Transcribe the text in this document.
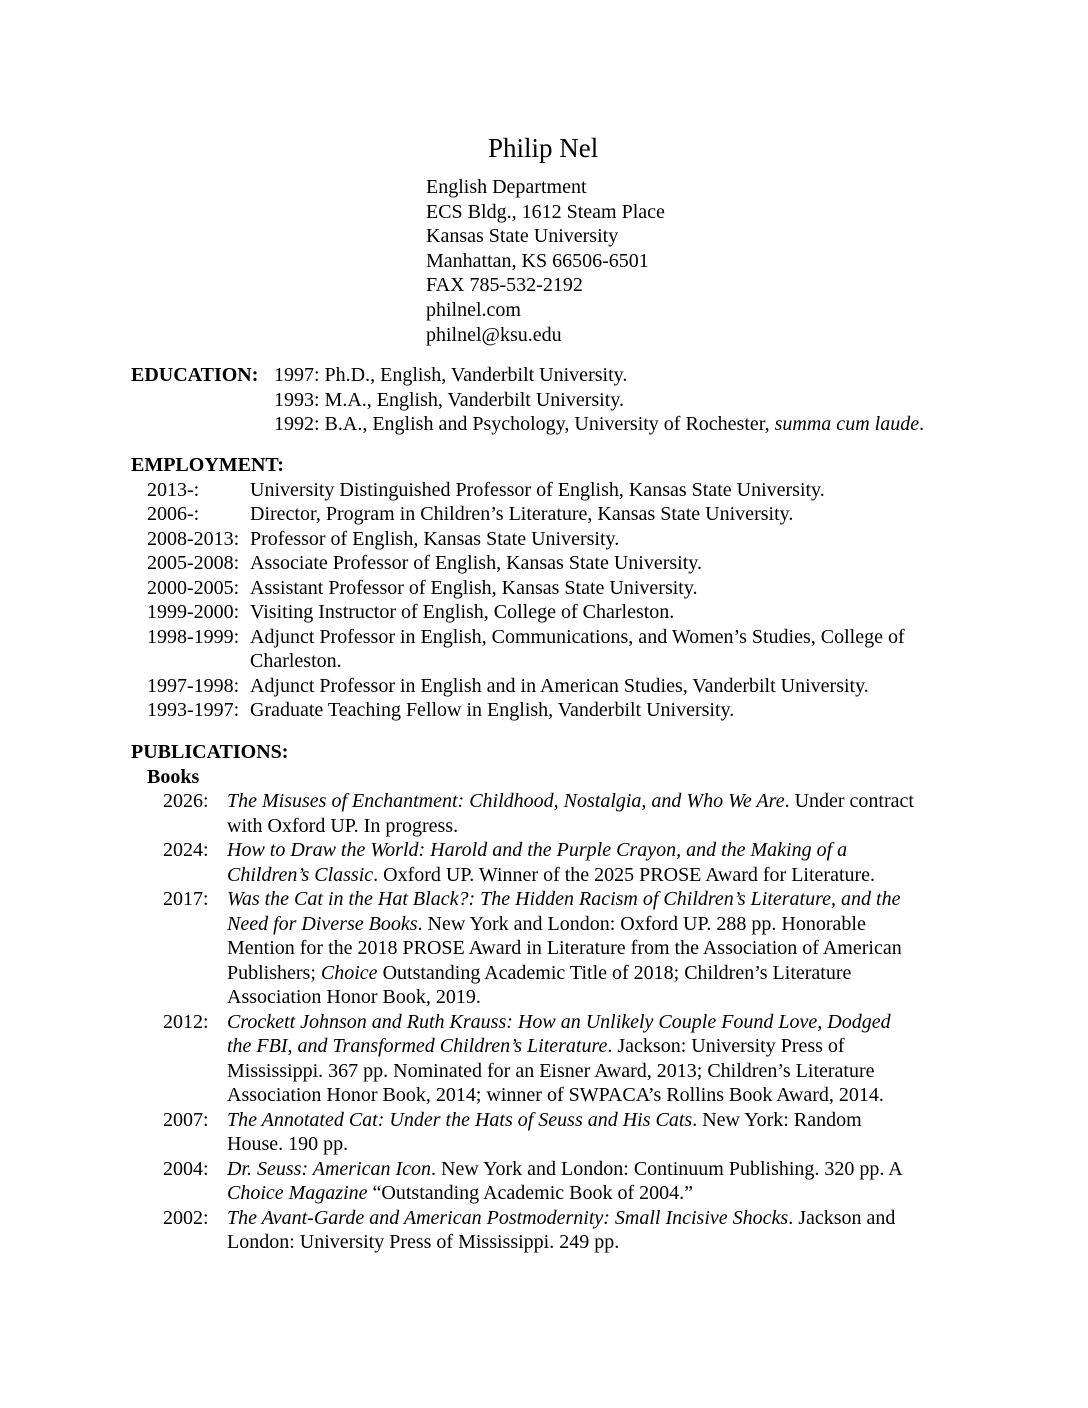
Philip Nel
English Department
ECS Bldg., 1612 Steam Place
Kansas State University
Manhattan, KS 66506-6501
FAX 785-532-2192
philnel.com
philnel@ksu.edu
EDUCATION: 1997: Ph.D., English, Vanderbilt University.
1993: M.A., English, Vanderbilt University.
1992: B.A., English and Psychology, University of Rochester, summa cum laude.
EMPLOYMENT:
2013-:	University Distinguished Professor of English, Kansas State University.
2006-:	Director, Program in Children’s Literature, Kansas State University.
2008-2013: Professor of English, Kansas State University.
2005-2008: Associate Professor of English, Kansas State University.
2000-2005: Assistant Professor of English, Kansas State University.
1999-2000: Visiting Instructor of English, College of Charleston.
1998-1999: Adjunct Professor in English, Communications, and Women’s Studies, College of
Charleston.
1997-1998: Adjunct Professor in English and in American Studies, Vanderbilt University.
1993-1997: Graduate Teaching Fellow in English, Vanderbilt University.
PUBLICATIONS:
Books
2026: The Misuses of Enchantment: Childhood, Nostalgia, and Who We Are. Under contract
with Oxford UP. In progress.
2024: How to Draw the World: Harold and the Purple Crayon, and the Making of a
Children’s Classic. Oxford UP. Winner of the 2025 PROSE Award for Literature.
2017: Was the Cat in the Hat Black?: The Hidden Racism of Children’s Literature, and the
Need for Diverse Books. New York and London: Oxford UP. 288 pp. Honorable
Mention for the 2018 PROSE Award in Literature from the Association of American
Publishers; Choice Outstanding Academic Title of 2018; Children’s Literature
Association Honor Book, 2019.
2012: Crockett Johnson and Ruth Krauss: How an Unlikely Couple Found Love, Dodged
the FBI, and Transformed Children’s Literature. Jackson: University Press of
Mississippi. 367 pp. Nominated for an Eisner Award, 2013; Children’s Literature
Association Honor Book, 2014; winner of SWPACA’s Rollins Book Award, 2014.
2007: The Annotated Cat: Under the Hats of Seuss and His Cats. New York: Random
House. 190 pp.
2004: Dr. Seuss: American Icon. New York and London: Continuum Publishing. 320 pp. A
Choice Magazine “Outstanding Academic Book of 2004.”
2002: The Avant-Garde and American Postmodernity: Small Incisive Shocks. Jackson and
London: University Press of Mississippi. 249 pp.
